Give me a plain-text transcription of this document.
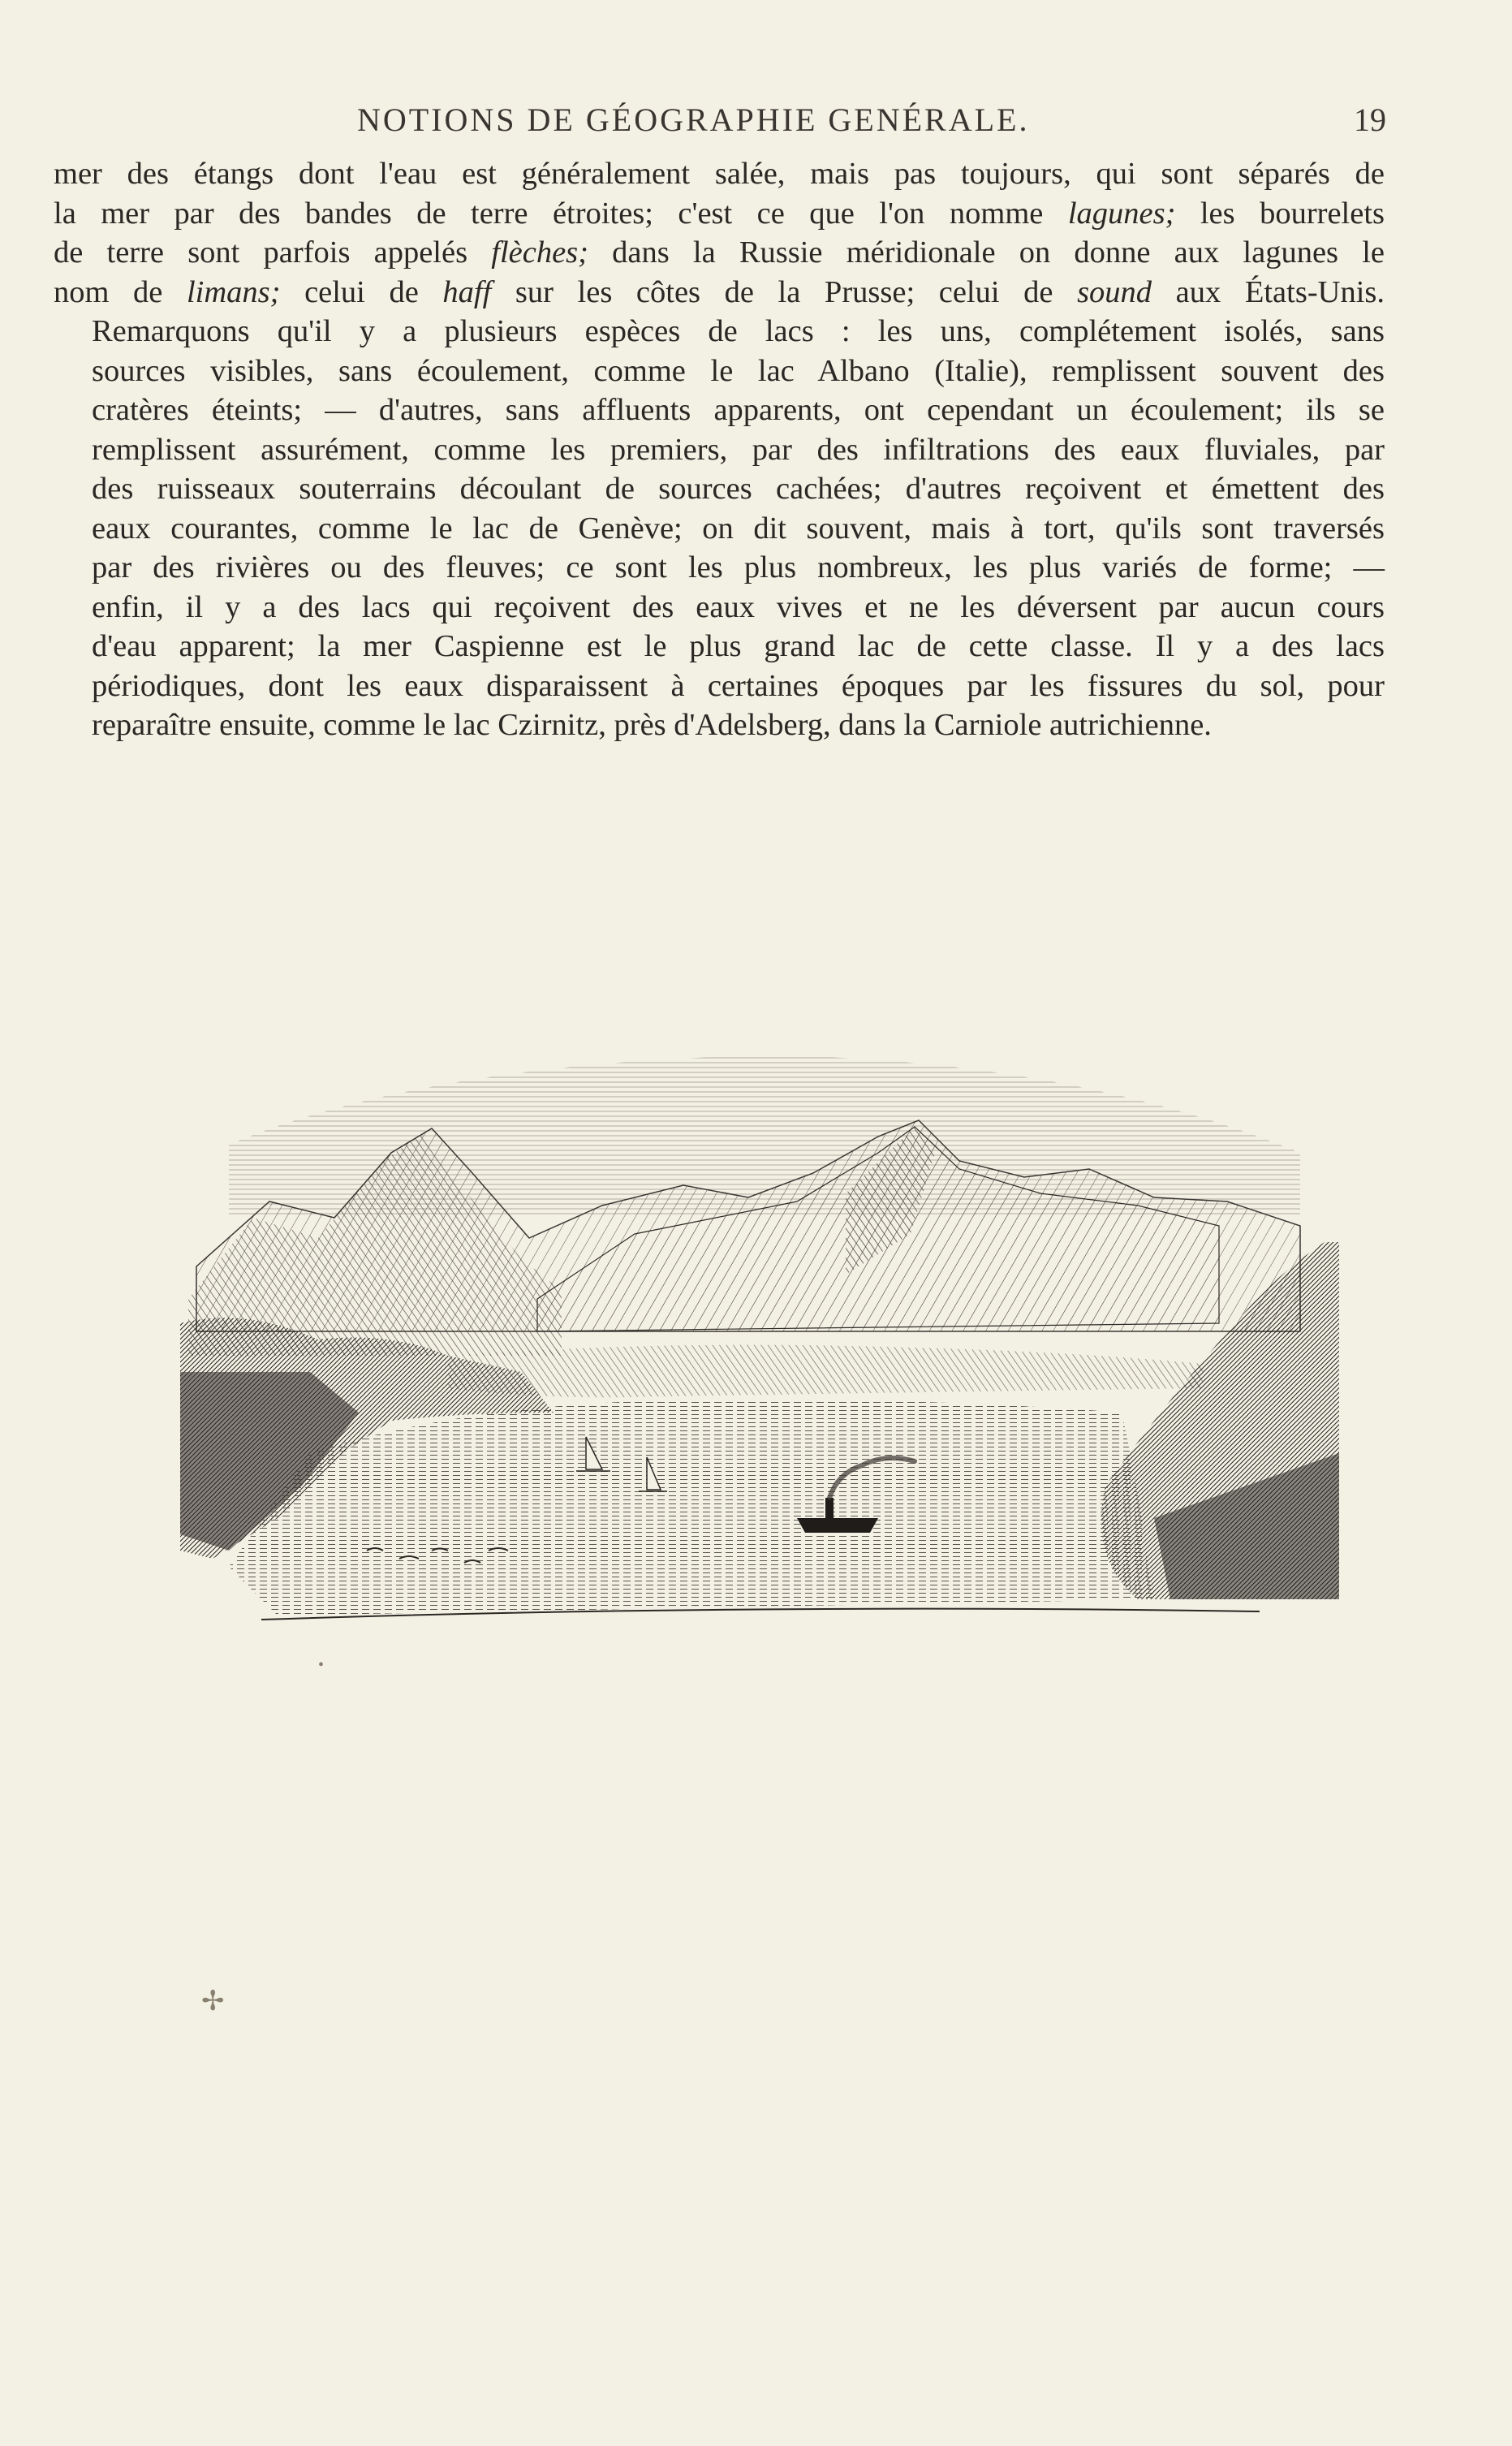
NOTIONS DE GÉOGRAPHIE GENÉRALE.	19

mer des étangs dont l'eau est généralement salée, mais pas toujours, qui sont séparés de
la mer par des bandes de terre étroites; c'est ce que l'on nomme lagunes; les bourrelets
de terre sont parfois appelés flèches; dans la Russie méridionale on donne aux lagunes le
nom de limans; celui de haff sur les côtes de la Prusse; celui de sound aux États-Unis.

Remarquons qu'il y a plusieurs espèces de lacs : les uns, complétement isolés, sans
sources visibles, sans écoulement, comme le lac Albano (Italie), remplissent souvent des
cratères éteints; — d'autres, sans affluents apparents, ont cependant un écoulement; ils se
remplissent assurément, comme les premiers, par des infiltrations des eaux fluviales, par
des ruisseaux souterrains découlant de sources cachées; d'autres reçoivent et émettent des
eaux courantes, comme le lac de Genève; on dit souvent, mais à tort, qu'ils sont traversés
par des rivières ou des fleuves; ce sont les plus nombreux, les plus variés de forme; —
enfin, il y a des lacs qui reçoivent des eaux vives et ne les déversent par aucun cours
d'eau apparent; la mer Caspienne est le plus grand lac de cette classe. Il y a des lacs
périodiques, dont les eaux disparaissent à certaines époques par les fissures du sol, pour
reparaître ensuite, comme le lac Czirnitz, près d'Adelsberg, dans la Carniole autrichienne.

✢
•
